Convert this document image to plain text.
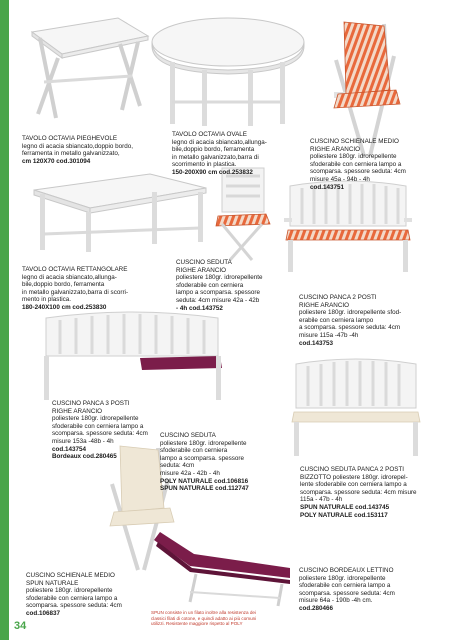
TAVOLO OCTAVIA PIEGHEVOLE
legno di acacia sbiancato,doppio bordo,
ferramenta in metallo galvanizzato,
cm 120X70 cod.301094
TAVOLO OCTAVIA OVALE
legno di acacia sbiancato,allunga-
bile,doppio bordo, ferramenta
in metallo galvanizzato,barra di
scorrimento in plastica.
150-200X90 cm cod.253832
CUSCINO SCHIENALE MEDIO
RIGHE ARANCIO
poliestere 180gr. idrorepellente
sfoderabile con cerniera lampo a
scomparsa. spessore seduta: 4cm
misure 45a - 94b - 4h
cod.143751
TAVOLO OCTAVIA RETTANGOLARE
legno di acacia sbiancato,allunga-
bile,doppio bordo, ferramenta
in metallo galvanizzato,barra di scorri-
mento in plastica.
180-240X100 cm cod.253830
CUSCINO SEDUTA
RIGHE ARANCIO
poliestere 180gr. idrorepellente
sfoderabile con cerniera
lampo a scomparsa. spessore
seduta: 4cm misure 42a - 42b
- 4h cod.143752
CUSCINO PANCA 2 POSTI
RIGHE ARANCIO
poliestere 180gr. idrorepellente sfod-
erabile con cerniera lampo
a scomparsa. spessore seduta: 4cm
misure 115a -47b -4h
cod.143753
CUSCINO PANCA 3 POSTI
RIGHE ARANCIO
poliestere 180gr. idrorepellente
sfoderabile con cerniera lampo a
scomparsa. spessore seduta: 4cm
misure 153a -48b - 4h
cod.143754
Bordeaux cod.280465
CUSCINO SEDUTA
poliestere 180gr. idrorepellente
sfoderabile con cerniera
lampo a scomparsa. spessore
seduta: 4cm
misure 42a - 42b - 4h
POLY NATURALE cod.106816
SPUN NATURALE cod.112747
CUSCINO SEDUTA PANCA 2 POSTI
BIZZOTTO poliestere 180gr. idrorepel-
lente sfoderabile con cerniera lampo a
scomparsa. spessore seduta: 4cm misure
115a - 47b - 4h
SPUN NATURALE cod.143745
POLY NATURALE cod.153117
CUSCINO SCHIENALE MEDIO
SPUN NATURALE
poliestere 180gr. idrorepellente
sfoderabile con cerniera lampo a
scomparsa. spessore seduta: 4cm
cod.106837
CUSCINO BORDEAUX LETTINO
poliestere 180gr. idrorepellente
sfoderabile con cerniera lampo a
scomparsa. spessore seduta: 4cm
misure 64a - 190b -4h cm.
cod.280466
SPUN consiste in un filato inoltre alla resistenza dei
classici filati di cotone, e quindi adatto ai più comuni
utilizzi. Resistente maggiore rispetto al POLY
34
